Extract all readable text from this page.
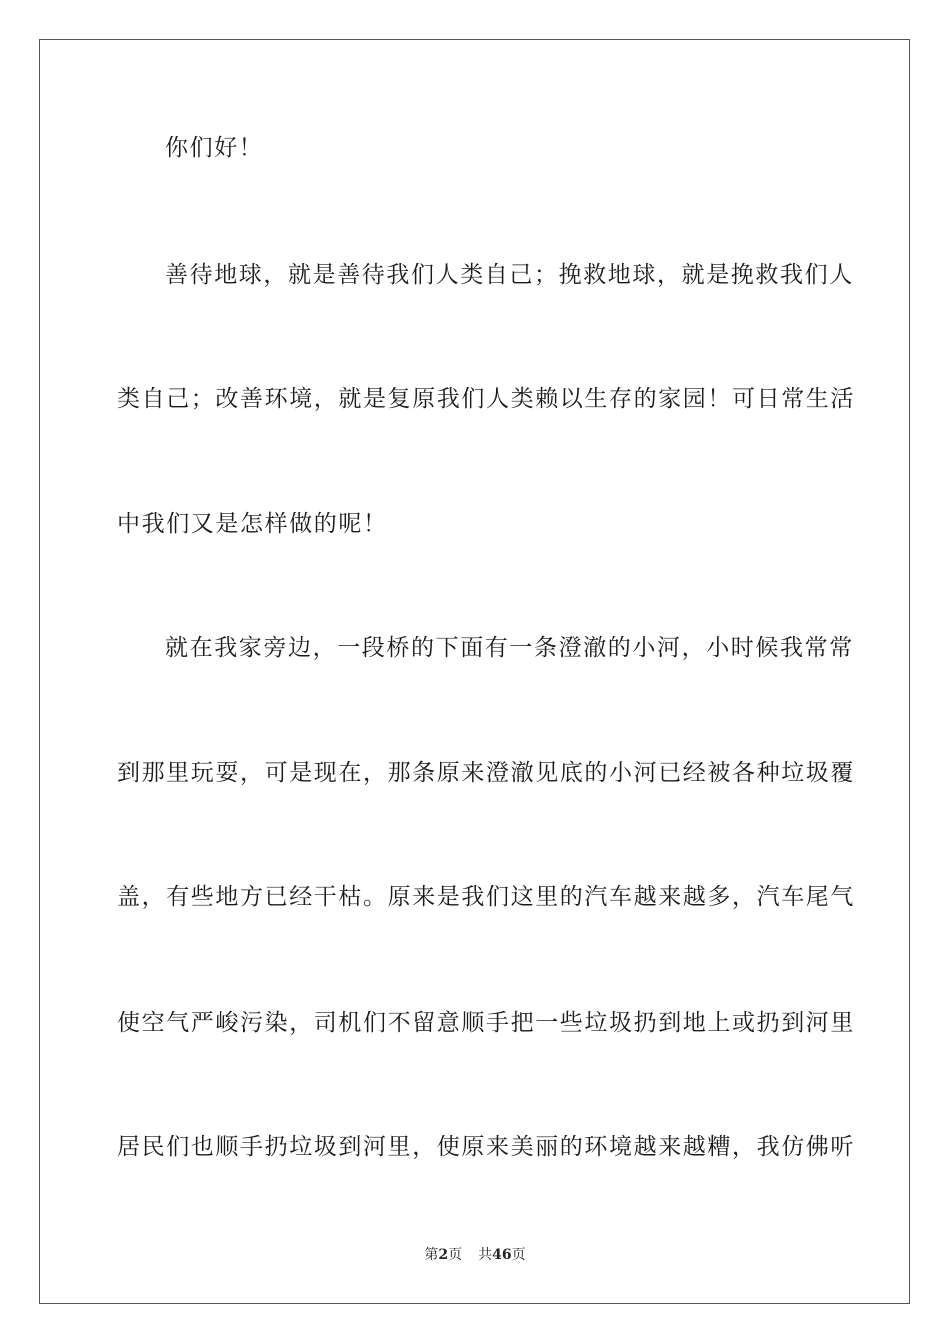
你们好！
善待地球，就是善待我们人类自己；挽救地球，就是挽救我们人
类自己；改善环境，就是复原我们人类赖以生存的家园！可日常生活
中我们又是怎样做的呢！
就在我家旁边，一段桥的下面有一条澄澈的小河，小时候我常常
到那里玩耍，可是现在，那条原来澄澈见底的小河已经被各种垃圾覆
盖，有些地方已经干枯。原来是我们这里的汽车越来越多，汽车尾气
使空气严峻污染，司机们不留意顺手把一些垃圾扔到地上或扔到河里
居民们也顺手扔垃圾到河里，使原来美丽的环境越来越糟，我仿佛听
第2页 共46页
